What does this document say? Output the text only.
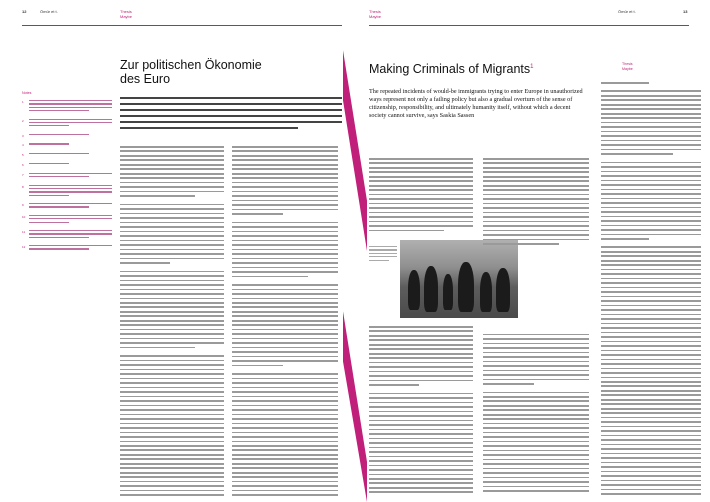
12	Ömür et t.	Thesis
Maybe
Zur politischen Ökonomie
des Euro
Notes
1
2
3
4
5
6
7
8
9
10
11
12
Thesis
Maybe
Ömür et t.	13
Making Criminals of Migrants$^1$	Thesis
Maybe
The repeated incidents of would-be immigrants trying to enter Europe in unauthorized ways represent not only a failing policy but also a gradual overturn of the sense of citizenship, responsibility, and ultimately humanity itself, without which a decent society cannot survive, says Saskia Sassen
